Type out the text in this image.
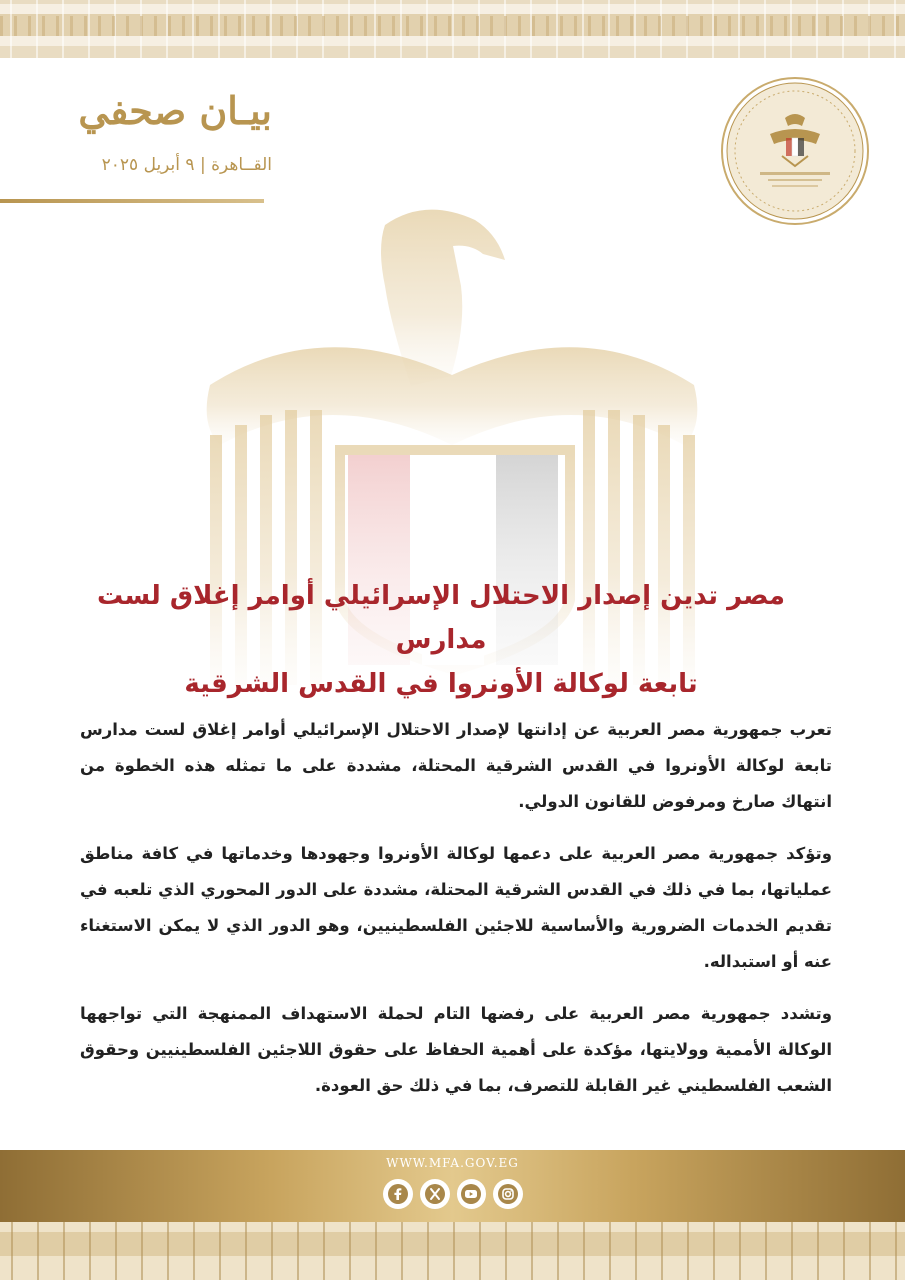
بيـان صحفي
القــاهرة | ٩ أبريل ٢٠٢٥
مصر تدين إصدار الاحتلال الإسرائيلي أوامر إغلاق لست مدارس
تابعة لوكالة الأونروا في القدس الشرقية

تعرب جمهورية مصر العربية عن إدانتها لإصدار الاحتلال الإسرائيلي أوامر إغلاق لست مدارس تابعة لوكالة الأونروا في القدس الشرقية المحتلة، مشددة على ما تمثله هذه الخطوة من انتهاك صارخ ومرفوض للقانون الدولي.

وتؤكد جمهورية مصر العربية على دعمها لوكالة الأونروا وجهودها وخدماتها في كافة مناطق عملياتها، بما في ذلك في القدس الشرقية المحتلة، مشددة على الدور المحوري الذي تلعبه في تقديم الخدمات الضرورية والأساسية للاجئين الفلسطينيين، وهو الدور الذي لا يمكن الاستغناء عنه أو استبداله.

وتشدد جمهورية مصر العربية على رفضها التام لحملة الاستهداف الممنهجة التي تواجهها الوكالة الأممية وولايتها، مؤكدة على أهمية الحفاظ على حقوق اللاجئين الفلسطينيين وحقوق الشعب الفلسطيني غير القابلة للتصرف، بما في ذلك حق العودة.

WWW.MFA.GOV.EG
